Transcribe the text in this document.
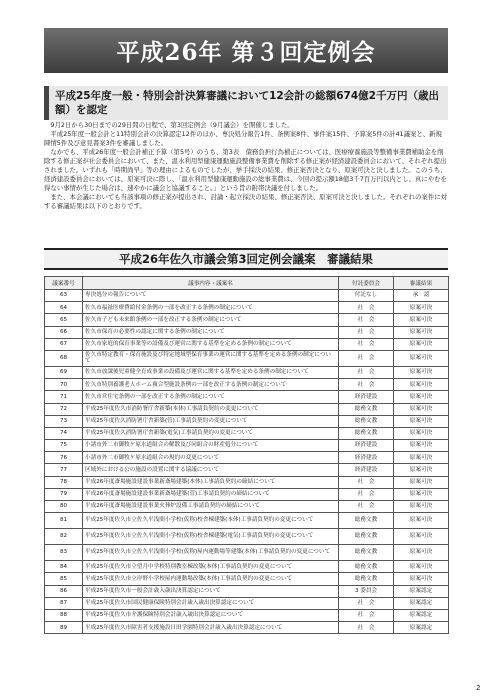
平成26年 第３回定例会
平成25年度一般・特別会計決算審議において12会計の総額674億2千万円（歳出額）を認定

9月2日から30日までの29日間の日程で、第3回定例会（9月議会）を開催しました。

平成25年度一般会計と11特別会計の決算認定12件のほか、専決処分報告1件、条例案8件、事件案15件、予算案5件の計41議案と、新規陳情5件及び意見書案3件を審議しました。

なかでも、平成26年度一般会計補正予算（第5号）のうち、第3表　債務負担行為補正については、医療療養施設等整備事業費補助金を削除する修正案が社会委員会において、また、温水利用型健康運動施設整備事業費を削除する修正案が経済建設委員会において、それぞれ提出されました。いずれも「時期尚早」等の理由によるものでしたが、挙手採決の結果、修正案否決となり、原案可決と決しました。このうち、経済建設委員会においては、原案可決に際し、「温水利用型健康運動施設の総事業費は、今回の提示額18億3千7百万円以内とし、真にやむを得ない事情が生じた場合は、速やかに議会と協議すること。」という旨の附帯決議を付しました。

また、本会議においても当該事項の修正案が提出され、討論・起立採決の結果、修正案否決、原案可決と決しました。それぞれの案件に対する審議結果は以下のとおりです。

平成26年佐久市議会第3回定例会議案　審議結果
議案番号	議事内容・議案名	付託委員会	審議結果
63	専決処分の報告について	付託なし	承　認
64	佐久市福祉医療費給付金条例の一部を改正する条例の制定について	社　会	原案可決
65	佐久市子ども未来館条例の一部を改正する条例の制定について	社　会	原案可決
66	佐久市保育の必要性の認定に関する条例の制定について	社　会	原案可決
67	佐久市家庭的保育事業等の設備及び運営に関する基準を定める条例の制定について	社　会	原案可決
68	佐久市特定教育・保育施設及び特定地域型保育事業の運営に関する基準を定める条例の制定について	社　会	原案可決
69	佐久市放課後児童健全育成事業の設備及び運営に関する基準を定める条例の制定について	社　会	原案可決
70	佐久市特別養護老人ホーム複合型施設条例の一部を改正する条例の制定について	社　会	原案可決
71	佐久市営住宅条例の一部を改正する条例の制定について	経済建設	原案可決
72	平成25年度佐久市消防署庁舎新築(本体)工事請負契約の変更について	総務文教	原案可決
73	平成25年度佐久消防署庁舎新築(管)工事請負契約の変更について	総務文教	原案可決
74	平成25年度佐久消防署庁舎新築(電気)工事請負契約の変更について	総務文教	原案可決
75	小諸市外二市御牧ケ原水道組合の解散及び同組合の財産処分について	経済建設	原案可決
76	小諸市外二市御牧ケ原水道組合の規約の変更について	経済建設	原案可決
77	区域外における公の施設の設置に関する協議について	経済建設	原案可決
78	平成26年度斎場施設建設事業新斎場建築(本体)工事請負契約の締結について	社　会	原案可決
79	平成26年度斎場施設建設事業新斎場建築(管)工事請負契約の締結について	社　会	原案可決
80	平成26年度斎場施設建設事業火葬炉設備工事請負契約の締結について	社　会	原案可決
81	平成25年度佐久市立佐久平浅間小学校(仮称)校舎棟建築(本体)工事請負契約の変更について	総務文教	原案可決
82	平成25年度佐久市立佐久平浅間小学校(仮称)校舎棟建築(電気)工事請負契約の変更について	総務文教	原案可決
83	平成25年度佐久市立佐久平浅間小学校(仮称)屋内運動場等建築(本体)工事請負契約の変更について	総務文教	原案可決
84	平成25年度佐久市立望月中学校特別教室棟改築(本体)工事請負契約の変更について	総務文教	原案可決
85	平成25年度佐久市立岸野小学校屋内運動場改築(本体)工事請負契約の変更について	総務文教	原案可決
86	平成25年度佐久市一般会計歳入歳出決算認定について	3 委員会	原案認定
87	平成25年度佐久市国民健康保険特別会計歳入歳出決算認定について	社　会	原案認定
88	平成25年度佐久市介護保険特別会計歳入歳出決算認定について	社　会	原案認定
89	平成25年度佐久市障害者支援施設日田学園特別会計歳入歳出決算認定について	社　会	原案認定
2
